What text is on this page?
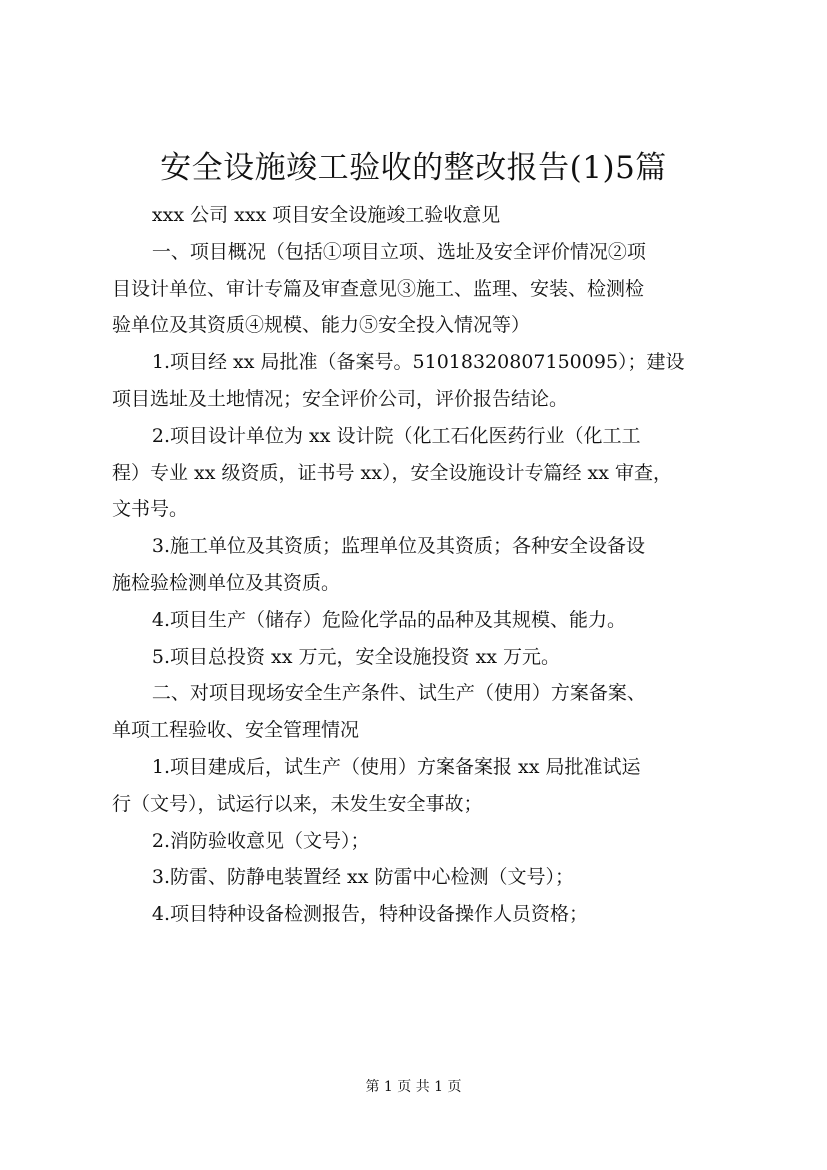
安全设施竣工验收的整改报告(1)5篇

xxx 公司 xxx 项目安全设施竣工验收意见

一、项目概况（包括①项目立项、选址及安全评价情况②项
目设计单位、审计专篇及审查意见③施工、监理、安装、检测检
验单位及其资质④规模、能力⑤安全投入情况等）

1.项目经 xx 局批准（备案号。51018320807150095）；建设
项目选址及土地情况；安全评价公司，评价报告结论。

2.项目设计单位为 xx 设计院（化工石化医药行业（化工工
程）专业 xx 级资质，证书号 xx），安全设施设计专篇经 xx 审查，
文书号。

3.施工单位及其资质；监理单位及其资质；各种安全设备设
施检验检测单位及其资质。

4.项目生产（储存）危险化学品的品种及其规模、能力。

5.项目总投资 xx 万元，安全设施投资 xx 万元。

二、对项目现场安全生产条件、试生产（使用）方案备案、
单项工程验收、安全管理情况

1.项目建成后，试生产（使用）方案备案报 xx 局批准试运
行（文号），试运行以来，未发生安全事故；

2.消防验收意见（文号）；

3.防雷、防静电装置经 xx 防雷中心检测（文号）；

4.项目特种设备检测报告，特种设备操作人员资格；

第 1 页 共 1 页
